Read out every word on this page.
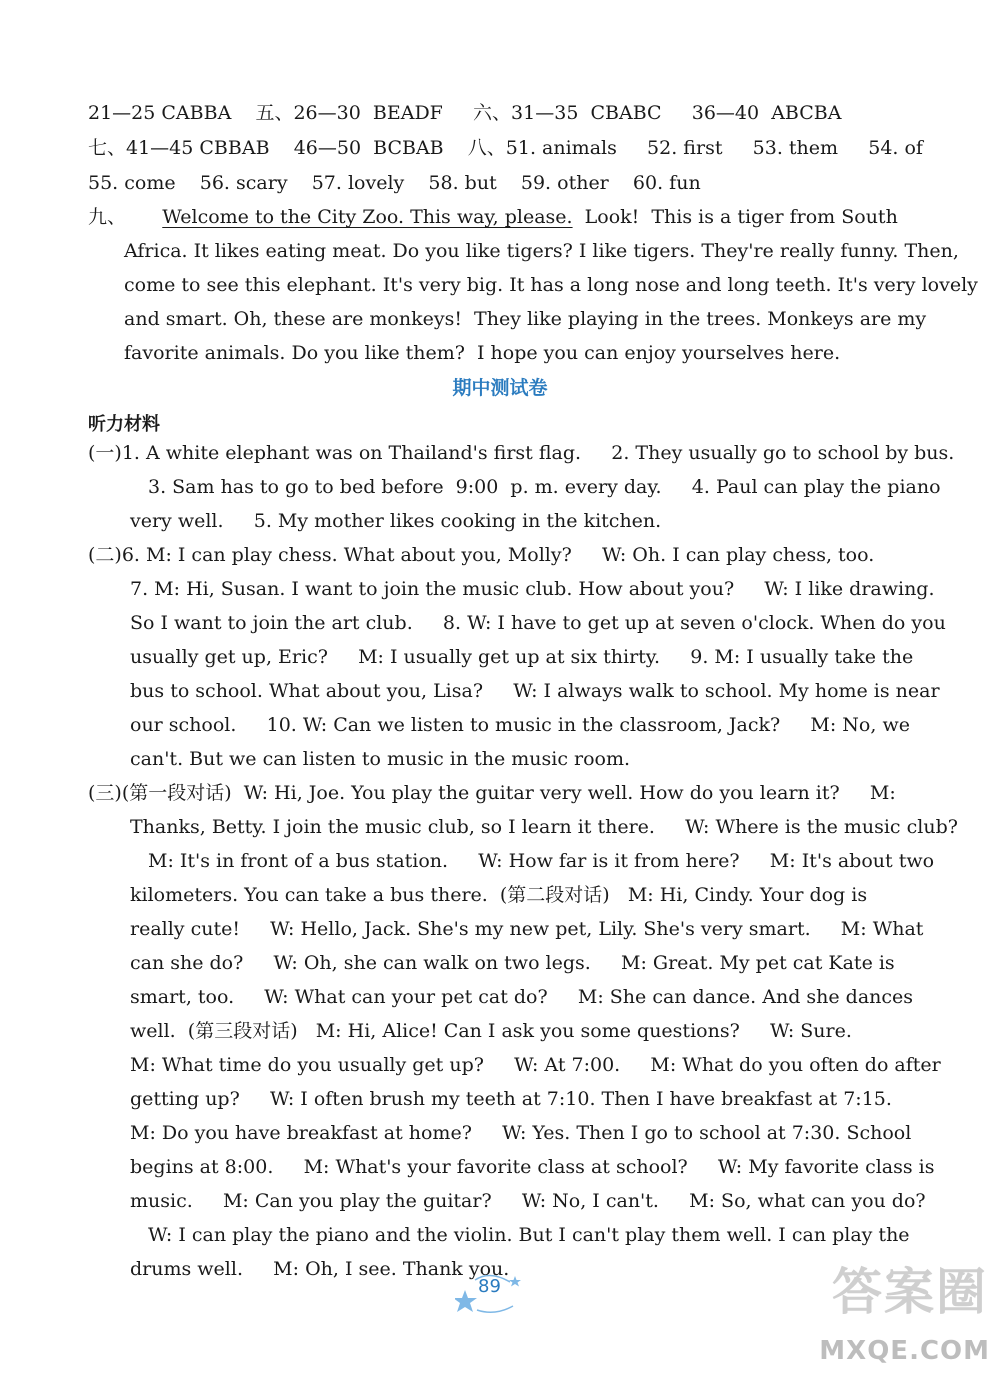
21—25 CABBA    五、26—30  BEADF     六、31—35  CBABC     36—40  ABCBA
七、41—45 CBBAB    46—50  BCBAB    八、51. animals     52. first     53. them     54. of
55. come    56. scary    57. lovely    58. but    59. other    60. fun
九、 Welcome to the City Zoo. This way, please.  Look!  This is a tiger from South
Africa. It likes eating meat. Do you like tigers? I like tigers. They're really funny. Then,
come to see this elephant. It's very big. It has a long nose and long teeth. It's very lovely
and smart. Oh, these are monkeys!  They like playing in the trees. Monkeys are my
favorite animals. Do you like them?  I hope you can enjoy yourselves here.
期中测试卷
听力材料
(一)1. A white elephant was on Thailand's first flag.     2. They usually go to school by bus.
3. Sam has to go to bed before  9:00  p. m. every day.     4. Paul can play the piano
very well.     5. My mother likes cooking in the kitchen.
(二)6. M: I can play chess. What about you, Molly?     W: Oh. I can play chess, too.
7. M: Hi, Susan. I want to join the music club. How about you?     W: I like drawing.
So I want to join the art club.     8. W: I have to get up at seven o'clock. When do you
usually get up, Eric?     M: I usually get up at six thirty.     9. M: I usually take the
bus to school. What about you, Lisa?     W: I always walk to school. My home is near
our school.     10. W: Can we listen to music in the classroom, Jack?     M: No, we
can't. But we can listen to music in the music room.
(三)(第一段对话)  W: Hi, Joe. You play the guitar very well. How do you learn it?     M:
Thanks, Betty. I join the music club, so I learn it there.     W: Where is the music club?
M: It's in front of a bus station.     W: How far is it from here?     M: It's about two
kilometers. You can take a bus there.  (第二段对话)   M: Hi, Cindy. Your dog is
really cute!     W: Hello, Jack. She's my new pet, Lily. She's very smart.     M: What
can she do?     W: Oh, she can walk on two legs.     M: Great. My pet cat Kate is
smart, too.     W: What can your pet cat do?     M: She can dance. And she dances
well.  (第三段对话)   M: Hi, Alice! Can I ask you some questions?     W: Sure.
M: What time do you usually get up?     W: At 7:00.     M: What do you often do after
getting up?     W: I often brush my teeth at 7:10. Then I have breakfast at 7:15.
M: Do you have breakfast at home?     W: Yes. Then I go to school at 7:30. School
begins at 8:00.     M: What's your favorite class at school?     W: My favorite class is
music.     M: Can you play the guitar?     W: No, I can't.     M: So, what can you do?
W: I can play the piano and the violin. But I can't play them well. I can play the
drums well.     M: Oh, I see. Thank you.
89	答案圈
MXQE.COM
